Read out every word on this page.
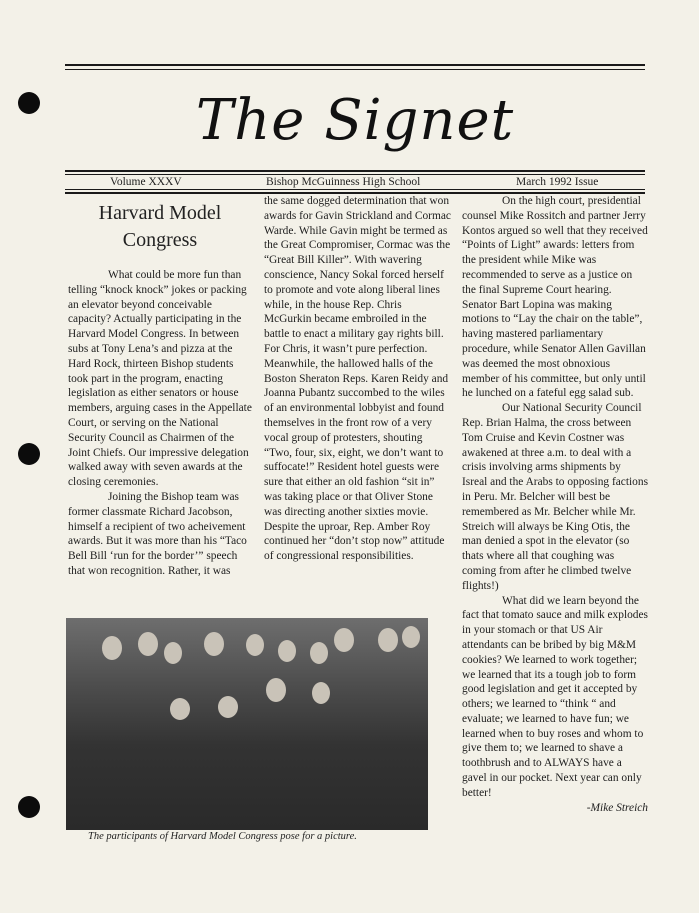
The Signet
Volume XXXV	Bishop McGuinness High School	March 1992 Issue
Harvard Model
Congress

What could be more fun than telling “knock knock” jokes or packing an elevator beyond conceivable capacity? Actually participating in the Harvard Model Congress. In between subs at Tony Lena’s and pizza at the Hard Rock, thirteen Bishop students took part in the program, enacting legislation as either senators or house members, arguing cases in the Appellate Court, or serving on the National Security Council as Chairmen of the Joint Chiefs. Our impressive delegation walked away with seven awards at the closing ceremonies.

Joining the Bishop team was former classmate Richard Jacobson, himself a recipient of two acheivement awards. But it was more than his “Taco Bell Bill ‘run for the border’” speech that won recognition. Rather, it was

the same dogged determination that won awards for Gavin Strickland and Cormac Warde. While Gavin might be termed as the Great Compromiser, Cormac was the “Great Bill Killer”. With wavering conscience, Nancy Sokal forced herself to promote and vote along liberal lines while, in the house Rep. Chris McGurkin became embroiled in the battle to enact a military gay rights bill. For Chris, it wasn’t pure perfection. Meanwhile, the hallowed halls of the Boston Sheraton Reps. Karen Reidy and Joanna Pubantz succombed to the wiles of an environmental lobbyist and found themselves in the front row of a very vocal group of protesters, shouting “Two, four, six, eight, we don’t want to suffocate!” Resident hotel guests were sure that either an old fashion “sit in” was taking place or that Oliver Stone was directing another sixties movie. Despite the uproar, Rep. Amber Roy continued her “don’t stop now” attitude of congressional responsibilities.

On the high court, presidential counsel Mike Rossitch and partner Jerry Kontos argued so well that they received “Points of Light” awards: letters from the president while Mike was recommended to serve as a justice on the final Supreme Court hearing. Senator Bart Lopina was making motions to “Lay the chair on the table”, having mastered parliamentary procedure, while Senator Allen Gavillan was deemed the most obnoxious member of his committee, but only until he lunched on a fateful egg salad sub.

Our National Security Council Rep. Brian Halma, the cross between Tom Cruise and Kevin Costner was awakened at three a.m. to deal with a crisis involving arms shipments by Isreal and the Arabs to opposing factions in Peru. Mr. Belcher will best be remembered as Mr. Belcher while Mr. Streich will always be King Otis, the man denied a spot in the elevator (so thats where all that coughing was coming from after he climbed twelve flights!)

What did we learn beyond the fact that tomato sauce and milk explodes in your stomach or that US Air attendants can be bribed by big M&M cookies? We learned to work together; we learned that its a tough job to form good legislation and get it accepted by others; we learned to “think “ and evaluate; we learned to have fun; we learned when to buy roses and whom to give them to; we learned to shave a toothbrush and to ALWAYS have a gavel in our pocket. Next year can only better!

-Mike Streich

The participants of Harvard Model Congress pose for a picture.
